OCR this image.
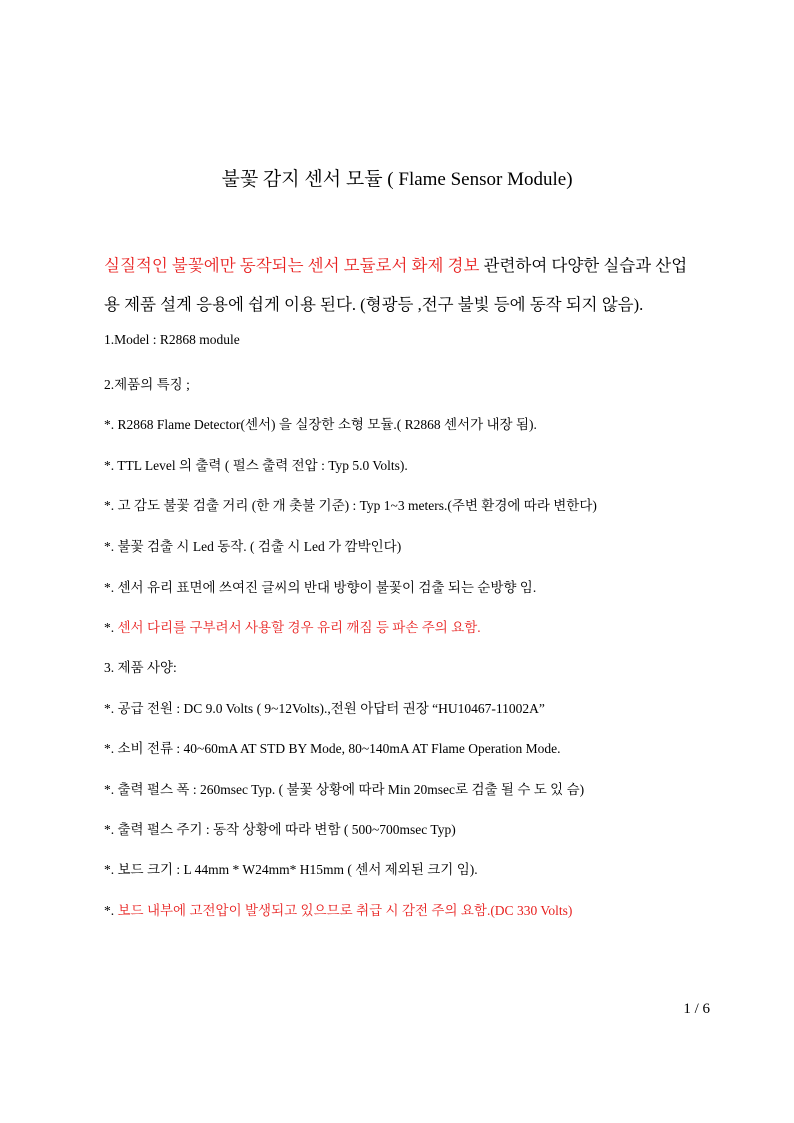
불꽃 감지 센서 모듈 ( Flame Sensor Module)
실질적인 불꽃에만 동작되는 센서 모듈로서 화제 경보 관련하여 다양한 실습과 산업
용 제품 설계 응용에 쉽게 이용 된다. (형광등 ,전구 불빛 등에 동작 되지 않음).
1.Model : R2868 module
2.제품의 특징 ;
*. R2868 Flame Detector(센서) 을 실장한 소형 모듈.( R2868 센서가 내장 됨).
*. TTL Level 의 출력 ( 펄스 출력 전압 : Typ 5.0 Volts).
*. 고 감도 불꽃 검출 거리 (한 개 촛불 기준) : Typ 1~3 meters.(주변 환경에 따라 변한다)
*. 불꽃 검출 시 Led 동작. ( 검출 시 Led 가 깜박인다)
*. 센서 유리 표면에 쓰여진 글씨의 반대 방향이 불꽃이 검출 되는 순방향 임.
*. 센서 다리를 구부려서 사용할 경우 유리 깨짐 등 파손 주의 요함.
3. 제품 사양:
*. 공급 전원 : DC 9.0 Volts ( 9~12Volts).,전원 아답터 권장 “HU10467-11002A”
*. 소비 전류 : 40~60mA AT STD BY Mode, 80~140mA AT Flame Operation Mode.
*. 출력 펄스 폭 : 260msec Typ. ( 불꽃 상황에 따라 Min 20msec로 검출 될 수 도 있 슴)
*. 출력 펄스 주기 : 동작 상황에 따라 변함 ( 500~700msec Typ)
*. 보드 크기 : L 44mm * W24mm* H15mm ( 센서 제외된 크기 임).
*. 보드 내부에 고전압이 발생되고 있으므로 취급 시 감전 주의 요함.(DC 330 Volts)
1 / 6
